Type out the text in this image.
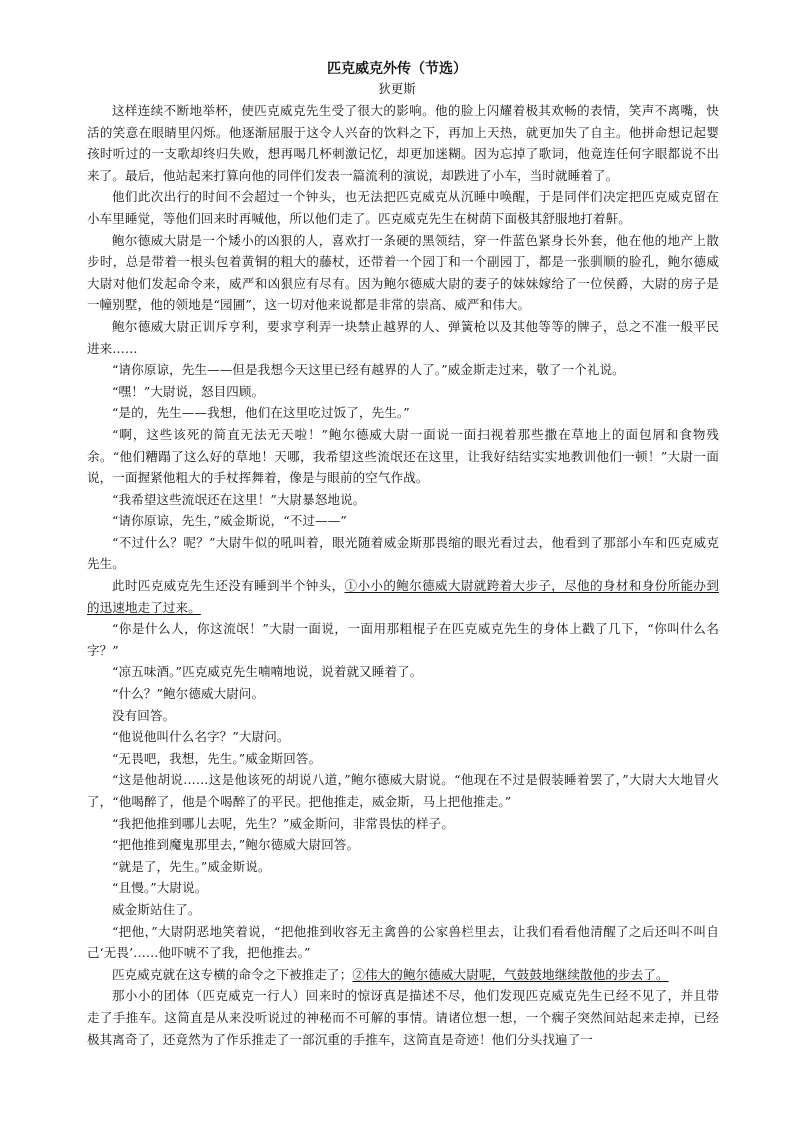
匹克威克外传（节选）
狄更斯

这样连续不断地举杯，使匹克威克先生受了很大的影响。他的脸上闪耀着极其欢畅的表情，笑声不离嘴，快活的笑意在眼睛里闪烁。他逐渐屈服于这令人兴奋的饮料之下，再加上天热，就更加失了自主。他拼命想记起婴孩时听过的一支歌却终归失败，想再喝几杯刺激记忆，却更加迷糊。因为忘掉了歌词，他竟连任何字眼都说不出来了。最后，他站起来打算向他的同伴们发表一篇流利的演说，却跌进了小车，当时就睡着了。

他们此次出行的时间不会超过一个钟头，也无法把匹克威克从沉睡中唤醒，于是同伴们决定把匹克威克留在小车里睡觉，等他们回来时再喊他，所以他们走了。匹克威克先生在树荫下面极其舒服地打着鼾。

鲍尔德威大尉是一个矮小的凶狠的人，喜欢打一条硬的黑领结，穿一件蓝色紧身长外套，他在他的地产上散步时，总是带着一根头包着黄铜的粗大的藤杖，还带着一个园丁和一个副园丁，都是一张驯顺的脸孔，鲍尔德威大尉对他们发起命令来，威严和凶狠应有尽有。因为鲍尔德威大尉的妻子的妹妹嫁给了一位侯爵，大尉的房子是一幢别墅，他的领地是“园圃”，这一切对他来说都是非常的崇高、威严和伟大。

鲍尔德威大尉正训斥亨利，要求亨利弄一块禁止越界的人、弹簧枪以及其他等等的牌子，总之不准一般平民进来……

“请你原谅，先生——但是我想今天这里已经有越界的人了。”威金斯走过来，敬了一个礼说。

“嘿！”大尉说，怒目四顾。

“是的，先生——我想，他们在这里吃过饭了，先生。”

“啊，这些该死的简直无法无天啦！”鲍尔德威大尉一面说一面扫视着那些撒在草地上的面包屑和食物残余。“他们糟蹋了这么好的草地！天哪，我希望这些流氓还在这里，让我好结结实实地教训他们一顿！”大尉一面说，一面握紧他粗大的手杖挥舞着，像是与眼前的空气作战。

“我希望这些流氓还在这里！”大尉暴怒地说。

“请你原谅，先生，”威金斯说，“不过——”

“不过什么？呢？”大尉牛似的吼叫着，眼光随着威金斯那畏缩的眼光看过去，他看到了那部小车和匹克威克先生。

此时匹克威克先生还没有睡到半个钟头，①小小的鲍尔德威大尉就跨着大步子，尽他的身材和身份所能办到的迅速地走了过来。

“你是什么人，你这流氓！”大尉一面说，一面用那粗棍子在匹克威克先生的身体上戳了几下，“你叫什么名字？”

“凉五味酒。”匹克威克先生喃喃地说，说着就又睡着了。

“什么？”鲍尔德威大尉问。

没有回答。

“他说他叫什么名字？”大尉问。

“无畏吧，我想，先生。”威金斯回答。

“这是他胡说……这是他该死的胡说八道，”鲍尔德威大尉说。“他现在不过是假装睡着罢了，”大尉大大地冒火了，“他喝醉了，他是个喝醉了的平民。把他推走，威金斯，马上把他推走。”

“我把他推到哪儿去呢，先生？”威金斯问，非常畏怯的样子。

“把他推到魔鬼那里去，”鲍尔德威大尉回答。

“就是了，先生。”威金斯说。

“且慢。”大尉说。

威金斯站住了。

“把他，”大尉阴恶地笑着说，“把他推到收容无主禽兽的公家兽栏里去，让我们看看他清醒了之后还叫不叫自己‘无畏’……他吓唬不了我，把他推去。”

匹克威克就在这专横的命令之下被推走了；②伟大的鲍尔德威大尉呢，气鼓鼓地继续散他的步去了。

那小小的团体（匹克威克一行人）回来时的惊讶真是描述不尽，他们发现匹克威克先生已经不见了，并且带走了手推车。这简直是从来没听说过的神秘而不可解的事情。请诸位想一想，一个瘸子突然间站起来走掉，已经极其离奇了，还竟然为了作乐推走了一部沉重的手推车，这简直是奇迹！他们分头找遍了一
